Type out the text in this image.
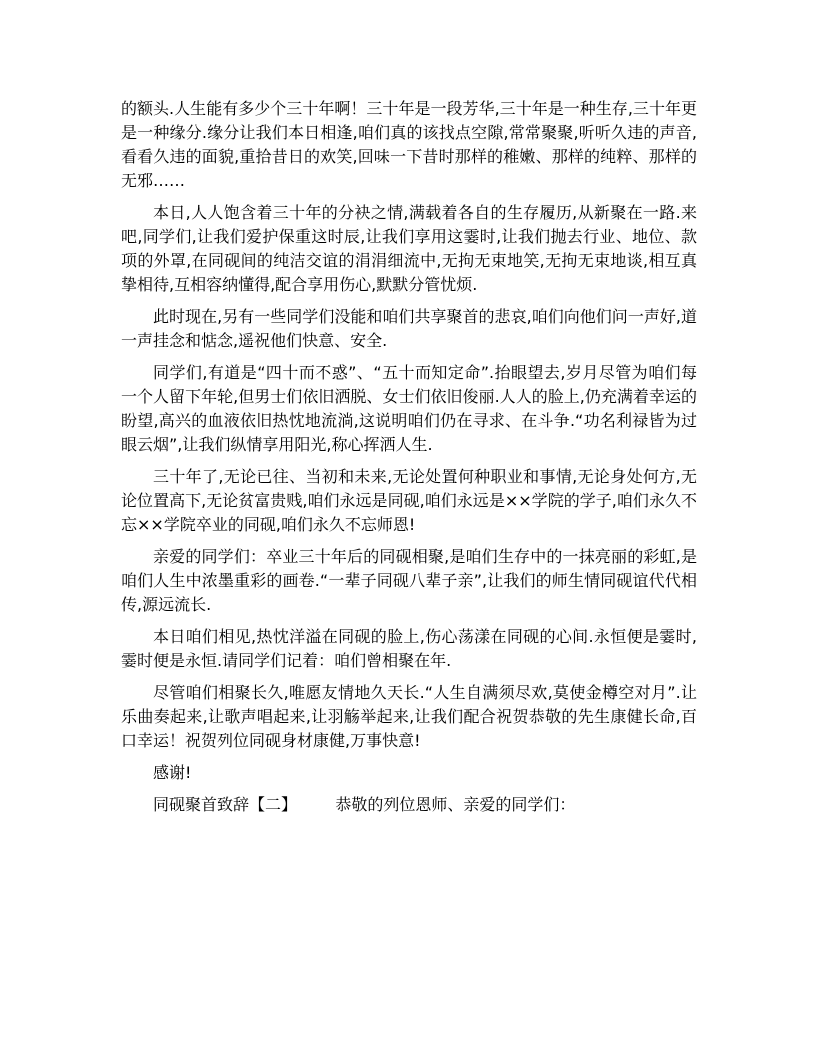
的额头.人生能有多少个三十年啊！三十年是一段芳华,三十年是一种生存,三十年更是一种缘分.缘分让我们本日相逢,咱们真的该找点空隙,常常聚聚,听听久违的声音,看看久违的面貌,重拾昔日的欢笑,回味一下昔时那样的稚嫩、那样的纯粹、那样的无邪……

本日,人人饱含着三十年的分袂之情,满载着各自的生存履历,从新聚在一路.来吧,同学们,让我们爱护保重这时辰,让我们享用这霎时,让我们抛去行业、地位、款项的外罩,在同砚间的纯洁交谊的涓涓细流中,无拘无束地笑,无拘无束地谈,相互真挚相待,互相容纳懂得,配合享用伤心,默默分管忧烦.

此时现在,另有一些同学们没能和咱们共享聚首的悲哀,咱们向他们问一声好,道一声挂念和惦念,遥祝他们快意、安全.

同学们,有道是“四十而不惑”、“五十而知定命”.抬眼望去,岁月尽管为咱们每一个人留下年轮,但男士们依旧洒脱、女士们依旧俊丽.人人的脸上,仍充满着幸运的盼望,高兴的血液依旧热忱地流淌,这说明咱们仍在寻求、在斗争.“功名利禄皆为过眼云烟”,让我们纵情享用阳光,称心挥洒人生.

三十年了,无论已往、当初和未来,无论处置何种职业和事情,无论身处何方,无论位置高下,无论贫富贵贱,咱们永远是同砚,咱们永远是××学院的学子,咱们永久不忘××学院卒业的同砚,咱们永久不忘师恩!

亲爱的同学们：卒业三十年后的同砚相聚,是咱们生存中的一抹亮丽的彩虹,是咱们人生中浓墨重彩的画卷.“一辈子同砚八辈子亲”,让我们的师生情同砚谊代代相传,源远流长.

本日咱们相见,热忱洋溢在同砚的脸上,伤心荡漾在同砚的心间.永恒便是霎时,霎时便是永恒.请同学们记着：咱们曾相聚在年.

尽管咱们相聚长久,唯愿友情地久天长.“人生自满须尽欢,莫使金樽空对月”.让乐曲奏起来,让歌声唱起来,让羽觞举起来,让我们配合祝贺恭敬的先生康健长命,百口幸运！祝贺列位同砚身材康健,万事快意!

感谢!

同砚聚首致辞【二】 恭敬的列位恩师、亲爱的同学们：
